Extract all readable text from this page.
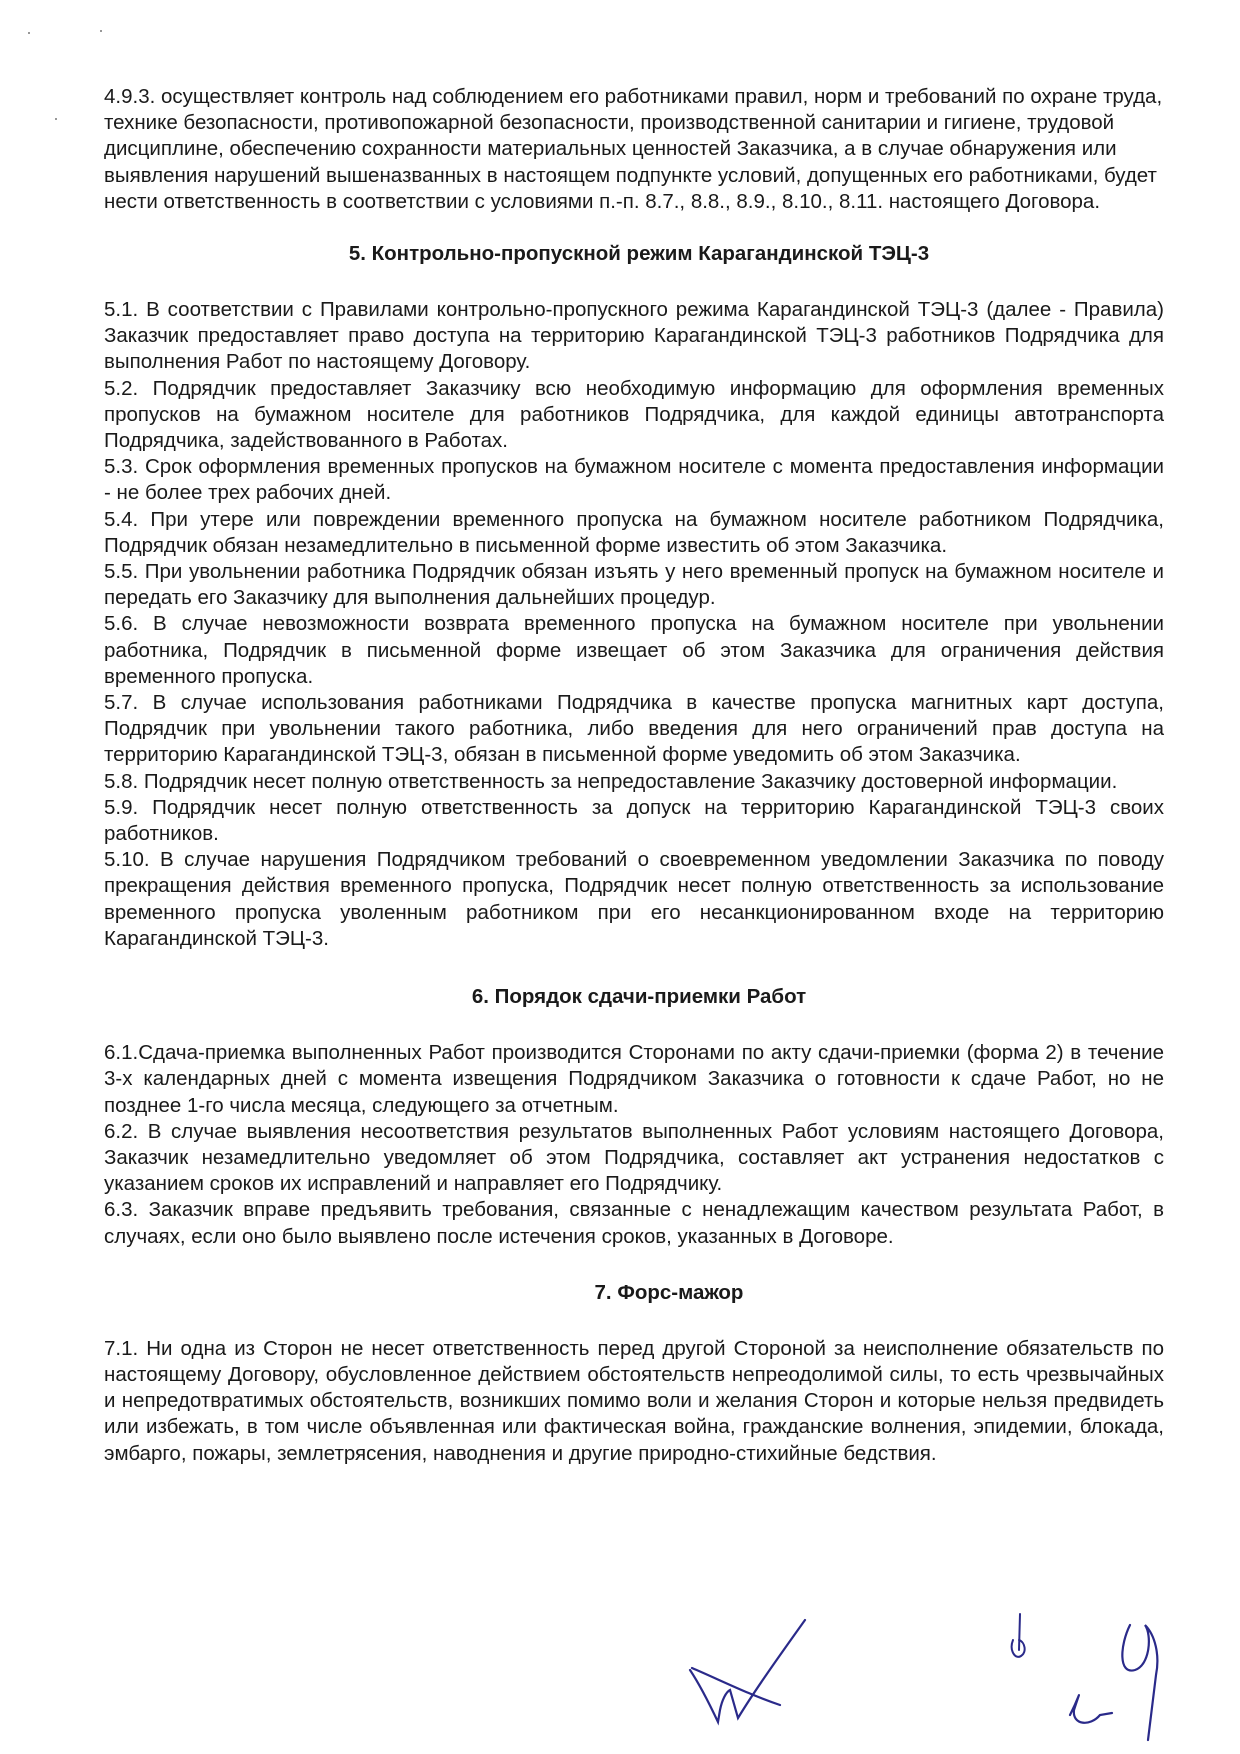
4.9.3. осуществляет контроль над соблюдением его работниками правил, норм и требований по охране труда, технике безопасности, противопожарной безопасности, производственной санитарии и гигиене, трудовой дисциплине, обеспечению сохранности материальных ценностей Заказчика, а в случае обнаружения или выявления нарушений вышеназванных в настоящем подпункте условий, допущенных его работниками, будет нести ответственность в соответствии с условиями п.-п. 8.7., 8.8., 8.9., 8.10., 8.11. настоящего Договора.

5. Контрольно-пропускной режим Карагандинской ТЭЦ-3

5.1. В соответствии с Правилами контрольно-пропускного режима Карагандинской ТЭЦ-3 (далее - Правила) Заказчик предоставляет право доступа на территорию Карагандинской ТЭЦ-3 работников Подрядчика для выполнения Работ по настоящему Договору.

5.2. Подрядчик предоставляет Заказчику всю необходимую информацию для оформления временных пропусков на бумажном носителе для работников Подрядчика, для каждой единицы автотранспорта Подрядчика, задействованного в Работах.

5.3. Срок оформления временных пропусков на бумажном носителе с момента предоставления информации - не более трех рабочих дней.

5.4. При утере или повреждении временного пропуска на бумажном носителе работником Подрядчика, Подрядчик обязан незамедлительно в письменной форме известить об этом Заказчика.

5.5. При увольнении работника Подрядчик обязан изъять у него временный пропуск на бумажном носителе и передать его Заказчику для выполнения дальнейших процедур.

5.6. В случае невозможности возврата временного пропуска на бумажном носителе при увольнении работника, Подрядчик в письменной форме извещает об этом Заказчика для ограничения действия временного пропуска.

5.7. В случае использования работниками Подрядчика в качестве пропуска магнитных карт доступа, Подрядчик при увольнении такого работника, либо введения для него ограничений прав доступа на территорию Карагандинской ТЭЦ-3, обязан в письменной форме уведомить об этом Заказчика.

5.8. Подрядчик несет полную ответственность за непредоставление Заказчику достоверной информации.

5.9. Подрядчик несет полную ответственность за допуск на территорию Карагандинской ТЭЦ-3 своих работников.

5.10. В случае нарушения Подрядчиком требований о своевременном уведомлении Заказчика по поводу прекращения действия временного пропуска, Подрядчик несет полную ответственность за использование временного пропуска уволенным работником при его несанкционированном входе на территорию Карагандинской ТЭЦ-3.

6. Порядок сдачи-приемки Работ

6.1.Сдача-приемка выполненных Работ производится Сторонами по акту сдачи-приемки (форма 2) в течение 3-х календарных дней с момента извещения Подрядчиком Заказчика о готовности к сдаче Работ, но не позднее 1-го числа месяца, следующего за отчетным.

6.2. В случае выявления несоответствия результатов выполненных Работ условиям настоящего Договора, Заказчик незамедлительно уведомляет об этом Подрядчика, составляет акт устранения недостатков с указанием сроков их исправлений и направляет его Подрядчику.

6.3. Заказчик вправе предъявить требования, связанные с ненадлежащим качеством результата Работ, в случаях, если оно было выявлено после истечения сроков, указанных в Договоре.

7. Форс-мажор

7.1. Ни одна из Сторон не несет ответственность перед другой Стороной за неисполнение обязательств по настоящему Договору, обусловленное действием обстоятельств непреодолимой силы, то есть чрезвычайных и непредотвратимых обстоятельств, возникших помимо воли и желания Сторон и которые нельзя предвидеть или избежать, в том числе объявленная или фактическая война, гражданские волнения, эпидемии, блокада, эмбарго, пожары, землетрясения, наводнения и другие природно-стихийные бедствия.
